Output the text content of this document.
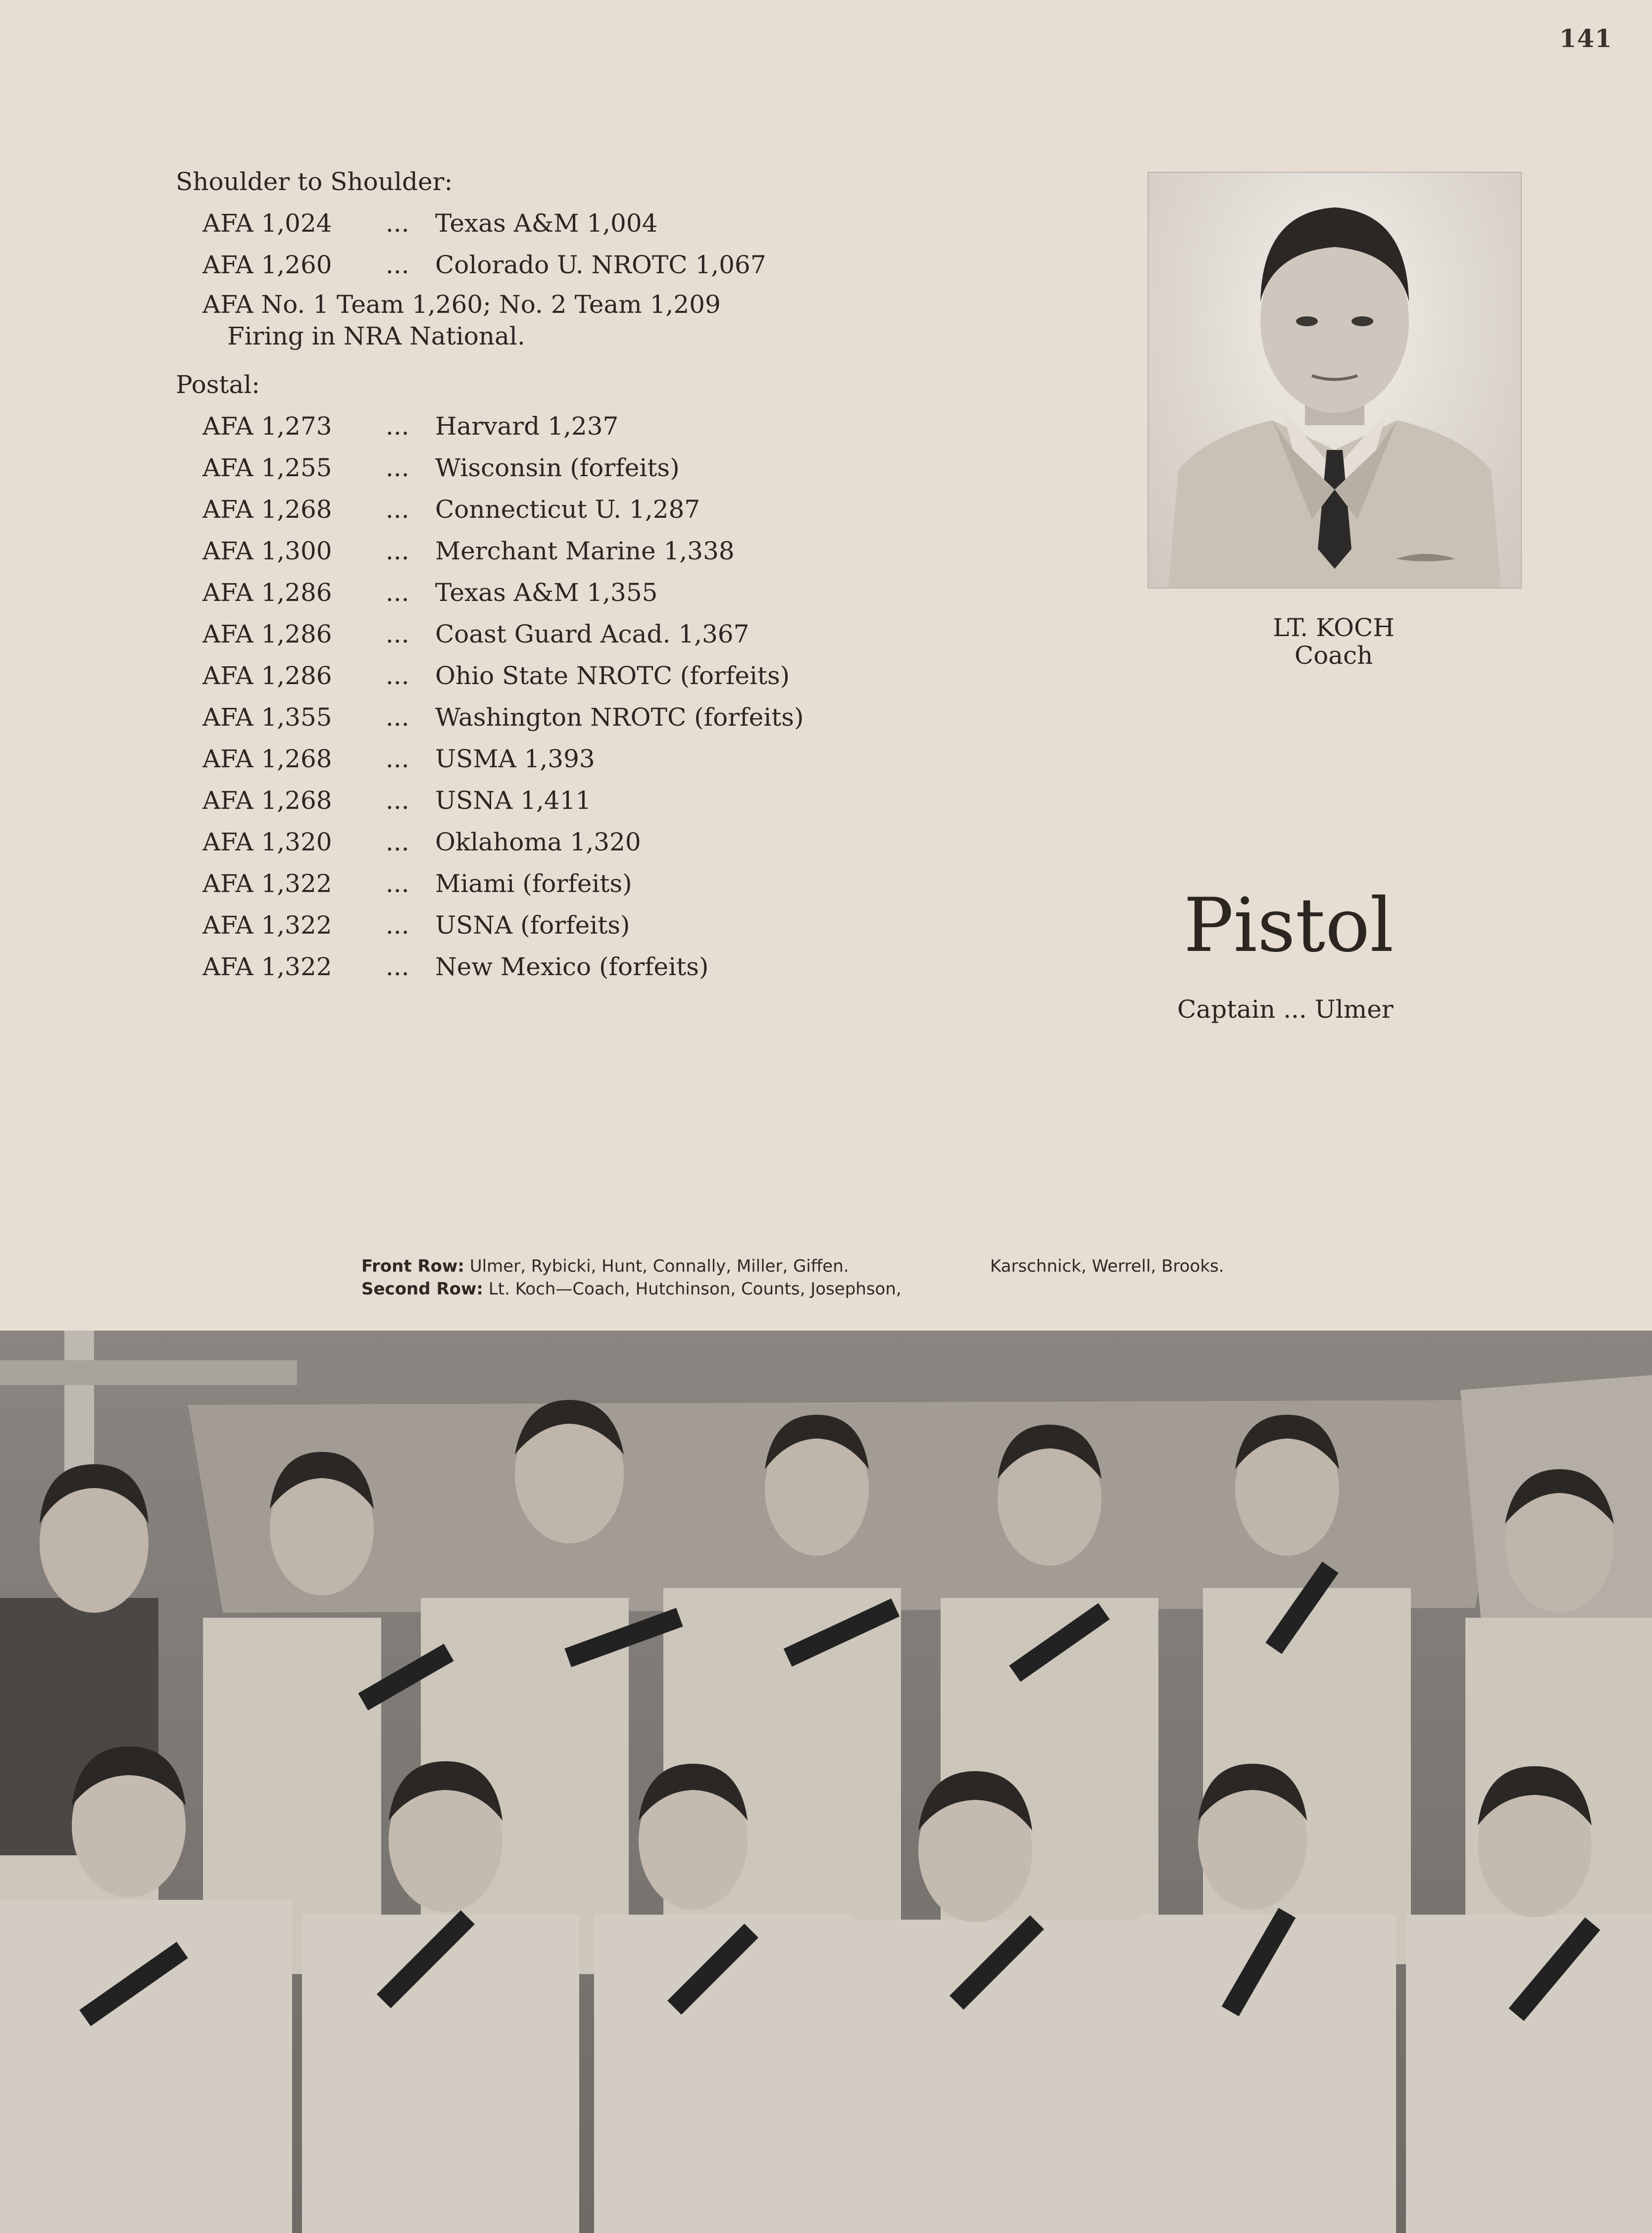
141

Shoulder to Shoulder:

AFA 1,024 ... Texas A&M 1,004
AFA 1,260 ... Colorado U. NROTC 1,067
AFA No. 1 Team 1,260; No. 2 Team 1,209
Firing in NRA National.

Postal:

AFA 1,273 ... Harvard 1,237
AFA 1,255 ... Wisconsin (forfeits)
AFA 1,268 ... Connecticut U. 1,287
AFA 1,300 ... Merchant Marine 1,338
AFA 1,286 ... Texas A&M 1,355
AFA 1,286 ... Coast Guard Acad. 1,367
AFA 1,286 ... Ohio State NROTC (forfeits)
AFA 1,355 ... Washington NROTC (forfeits)
AFA 1,268 ... USMA 1,393
AFA 1,268 ... USNA 1,411
AFA 1,320 ... Oklahoma 1,320
AFA 1,322 ... Miami (forfeits)
AFA 1,322 ... USNA (forfeits)
AFA 1,322 ... New Mexico (forfeits)
LT. KOCH
Coach
Pistol
Captain ... Ulmer
Front Row: Ulmer, Rybicki, Hunt, Connally, Miller, Giffen.
Second Row: Lt. Koch—Coach, Hutchinson, Counts, Josephson,
Karschnick, Werrell, Brooks.
